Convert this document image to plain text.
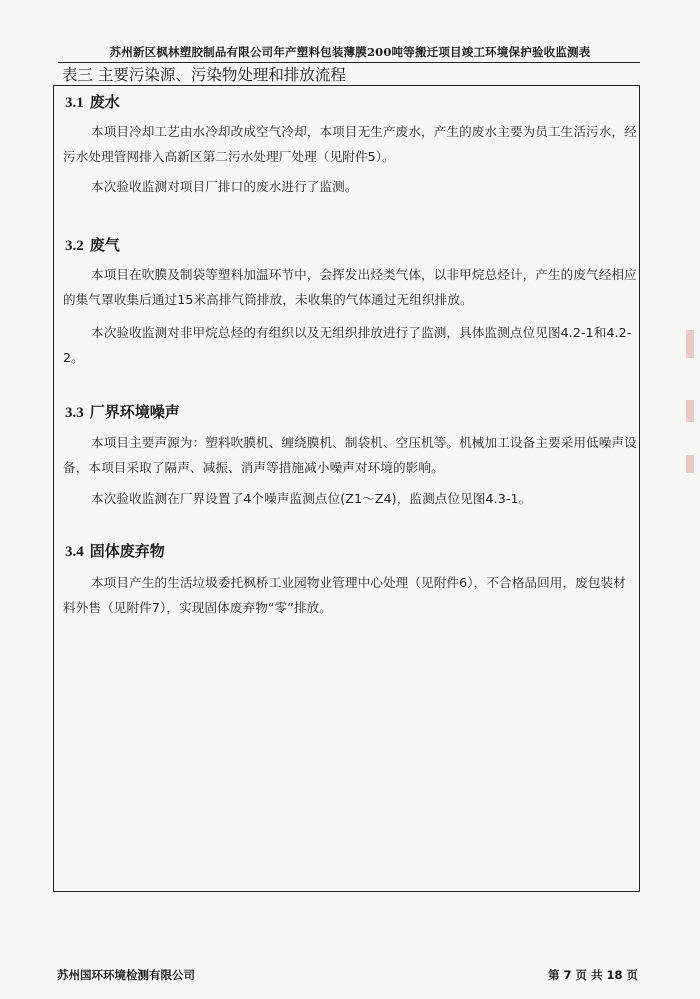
苏州新区枫林塑胶制品有限公司年产塑料包装薄膜200吨等搬迁项目竣工环境保护验收监测表
表三 主要污染源、污染物处理和排放流程
3.1 废水
本项目冷却工艺由水冷却改成空气冷却，本项目无生产废水，产生的废水主要为员工生活污水，经污水处理管网排入高新区第二污水处理厂处理（见附件5）。
本次验收监测对项目厂排口的废水进行了监测。
3.2 废气
本项目在吹膜及制袋等塑料加温环节中，会挥发出烃类气体，以非甲烷总烃计，产生的废气经相应的集气罩收集后通过15米高排气筒排放，未收集的气体通过无组织排放。
本次验收监测对非甲烷总烃的有组织以及无组织排放进行了监测，具体监测点位见图4.2-1和4.2-2。
3.3 厂界环境噪声
本项目主要声源为：塑料吹膜机、缠绕膜机、制袋机、空压机等。机械加工设备主要采用低噪声设备，本项目采取了隔声、减振、消声等措施减小噪声对环境的影响。
本次验收监测在厂界设置了4个噪声监测点位(Z1～Z4)，监测点位见图4.3-1。
3.4 固体废弃物
本项目产生的生活垃圾委托枫桥工业园物业管理中心处理（见附件6），不合格品回用，废包装材料外售（见附件7），实现固体废弃物“零”排放。
苏州国环环境检测有限公司	第 7 页 共 18 页
